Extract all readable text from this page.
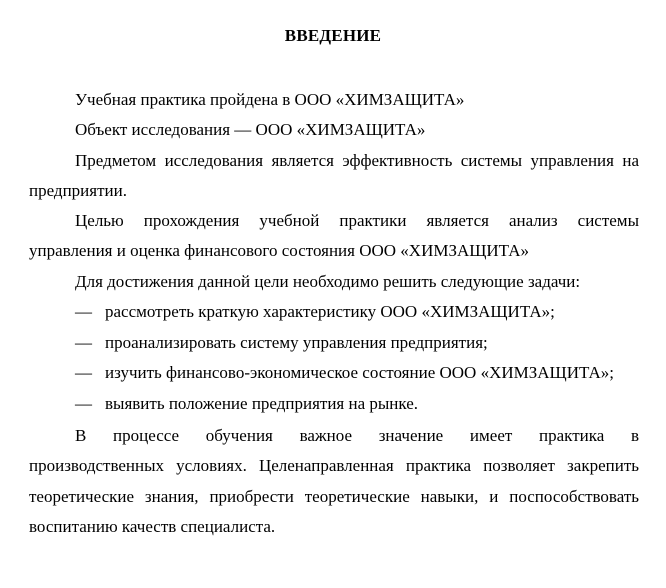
ВВЕДЕНИЕ
Учебная практика пройдена в ООО «ХИМЗАЩИТА»
Объект исследования — ООО «ХИМЗАЩИТА»
Предметом исследования является эффективность системы управления на
предприятии.
Целью прохождения учебной практики является анализ системы
управления и оценка финансового состояния ООО «ХИМЗАЩИТА»
Для достижения данной цели необходимо решить следующие задачи:
— рассмотреть краткую характеристику ООО «ХИМЗАЩИТА»;
— проанализировать систему управления предприятия;
— изучить финансово-экономическое состояние ООО «ХИМЗАЩИТА»;
— выявить положение предприятия на рынке.
В процессе обучения важное значение имеет практика в
производственных условиях. Целенаправленная практика позволяет закрепить
теоретические знания, приобрести теоретические навыки, и поспособствовать
воспитанию качеств специалиста.
